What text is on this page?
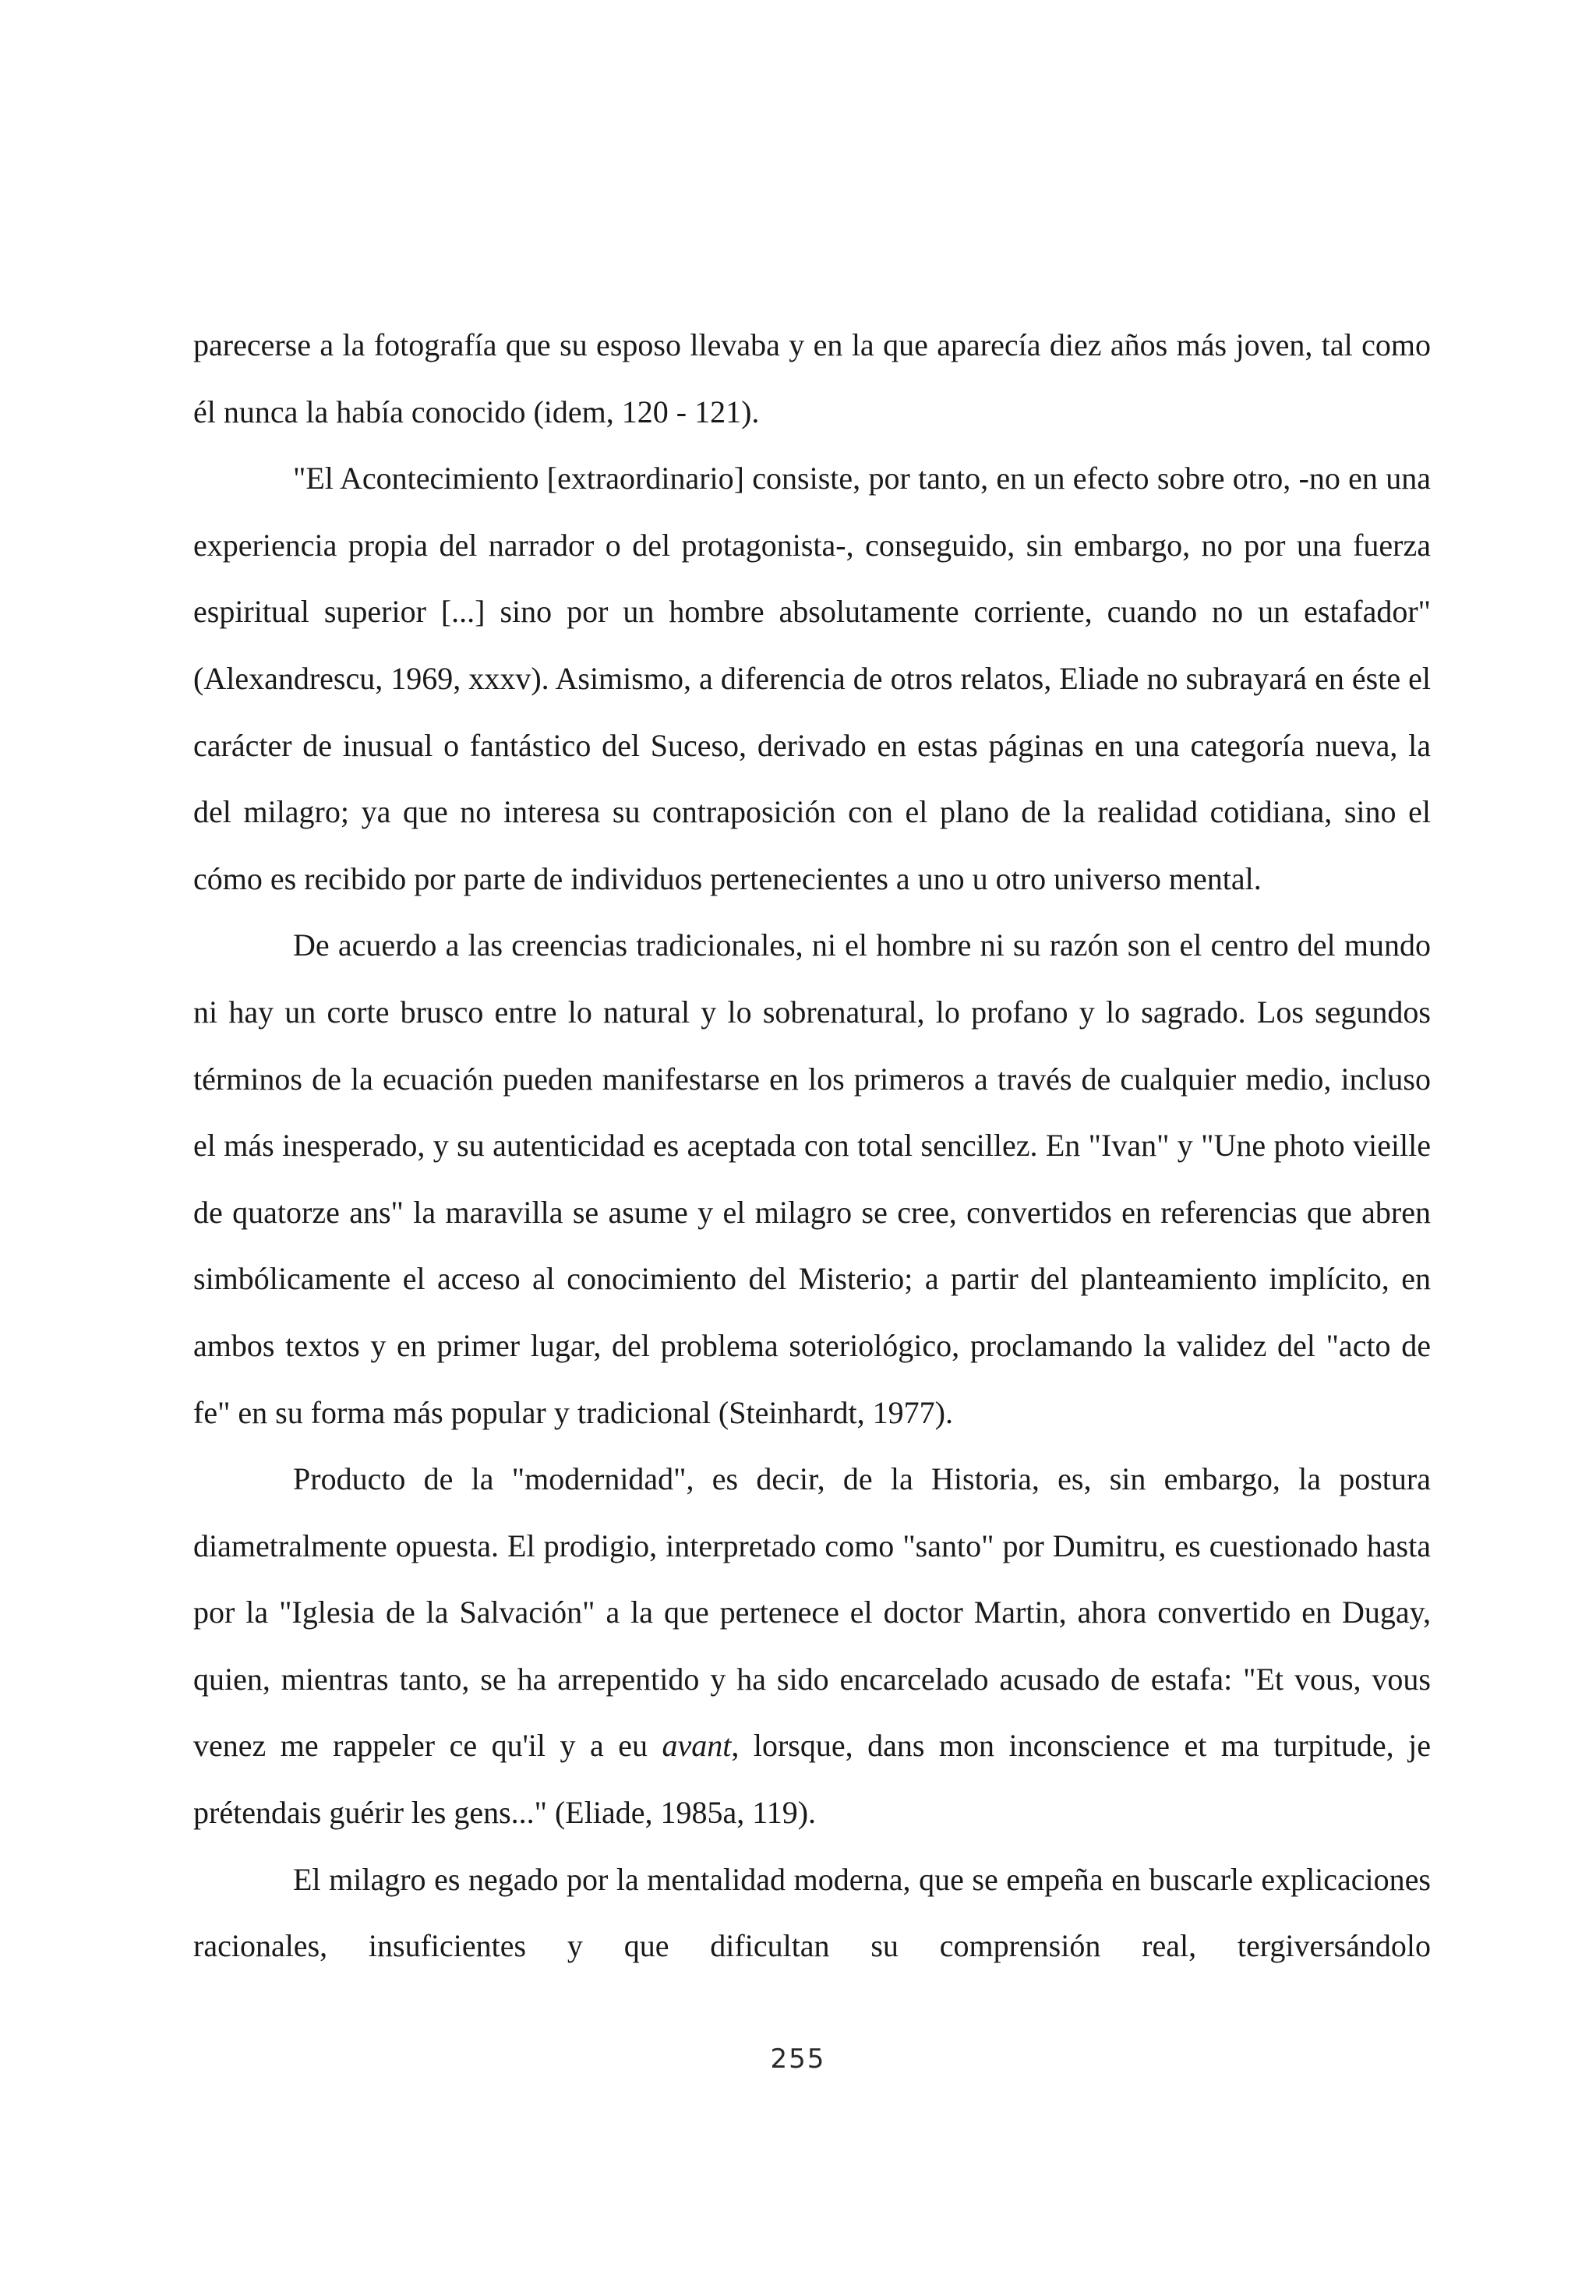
parecerse a la fotografía que su esposo llevaba y en la que aparecía diez años más joven, tal como él nunca la había conocido (idem, 120 - 121).

"El Acontecimiento [extraordinario] consiste, por tanto, en un efecto sobre otro, -no en una experiencia propia del narrador o del protagonista-, conseguido, sin embargo, no por una fuerza espiritual superior [...] sino por un hombre absolutamente corriente, cuando no un estafador" (Alexandrescu, 1969, xxxv). Asimismo, a diferencia de otros relatos, Eliade no subrayará en éste el carácter de inusual o fantástico del Suceso, derivado en estas páginas en una categoría nueva, la del milagro; ya que no interesa su contraposición con el plano de la realidad cotidiana, sino el cómo es recibido por parte de individuos pertenecientes a uno u otro universo mental.

De acuerdo a las creencias tradicionales, ni el hombre ni su razón son el centro del mundo ni hay un corte brusco entre lo natural y lo sobrenatural, lo profano y lo sagrado. Los segundos términos de la ecuación pueden manifestarse en los primeros a través de cualquier medio, incluso el más inesperado, y su autenticidad es aceptada con total sencillez. En "Ivan" y "Une photo vieille de quatorze ans" la maravilla se asume y el milagro se cree, convertidos en referencias que abren simbólicamente el acceso al conocimiento del Misterio; a partir del planteamiento implícito, en ambos textos y en primer lugar, del problema soteriológico, proclamando la validez del "acto de fe" en su forma más popular y tradicional (Steinhardt, 1977).

Producto de la "modernidad", es decir, de la Historia, es, sin embargo, la postura diametralmente opuesta. El prodigio, interpretado como "santo" por Dumitru, es cuestionado hasta por la "Iglesia de la Salvación" a la que pertenece el doctor Martin, ahora convertido en Dugay, quien, mientras tanto, se ha arrepentido y ha sido encarcelado acusado de estafa: "Et vous, vous venez me rappeler ce qu'il y a eu avant, lorsque, dans mon inconscience et ma turpitude, je prétendais guérir les gens..." (Eliade, 1985a, 119).

El milagro es negado por la mentalidad moderna, que se empeña en buscarle explicaciones racionales, insuficientes y que dificultan su comprensión real, tergiversándolo

255
